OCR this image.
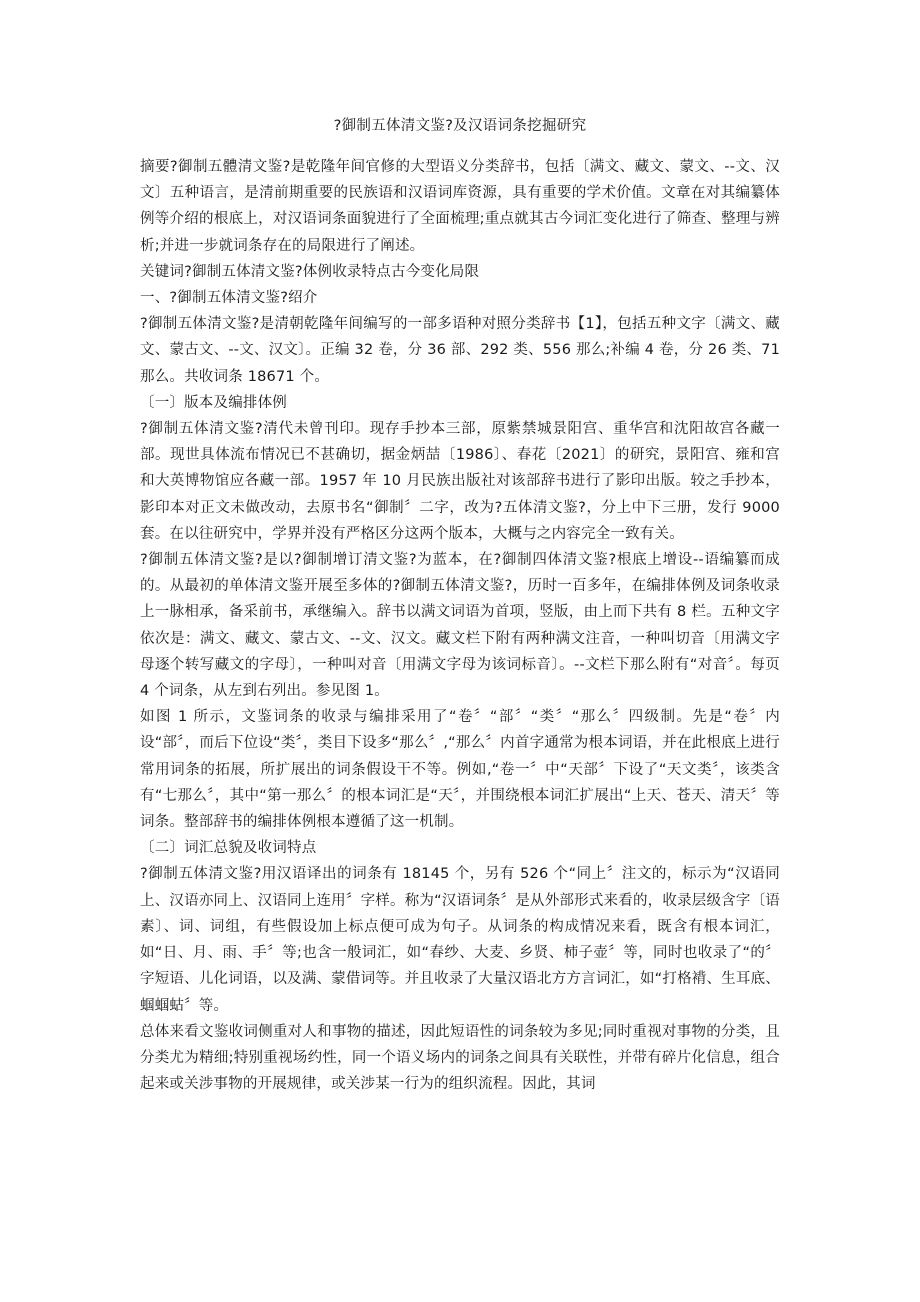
?御制五体清文鉴?及汉语词条挖掘研究

摘要?御制五體清文鉴?是乾隆年间官修的大型语义分类辞书，包括〔满文、藏文、蒙文、--文、汉文〕五种语言，是清前期重要的民族语和汉语词库资源，具有重要的学术价值。文章在对其编纂体例等介绍的根底上，对汉语词条面貌进行了全面梳理;重点就其古今词汇变化进行了筛查、整理与辨析;并进一步就词条存在的局限进行了阐述。

关键词?御制五体清文鉴?体例收录特点古今变化局限

一、?御制五体清文鉴?绍介

?御制五体清文鉴?是清朝乾隆年间编写的一部多语种对照分类辞书【1】，包括五种文字〔满文、藏文、蒙古文、--文、汉文〕。正编 32 卷，分 36 部、292 类、556 那么;补编 4 卷，分 26 类、71 那么。共收词条 18671 个。

〔一〕版本及编排体例

?御制五体清文鉴?清代未曾刊印。现存手抄本三部，原紫禁城景阳宫、重华宫和沈阳故宫各藏一部。现世具体流布情况已不甚确切，据金炳喆〔1986〕、春花〔2021〕的研究，景阳宫、雍和宫和大英博物馆应各藏一部。1957 年 10 月民族出版社对该部辞书进行了影印出版。较之手抄本，影印本对正文未做改动，去原书名“御制〞二字，改为?五体清文鉴?，分上中下三册，发行 9000 套。在以往研究中，学界并没有严格区分这两个版本，大概与之内容完全一致有关。

?御制五体清文鉴?是以?御制增订清文鉴?为蓝本，在?御制四体清文鉴?根底上增设--语编纂而成的。从最初的单体清文鉴开展至多体的?御制五体清文鉴?，历时一百多年，在编排体例及词条收录上一脉相承，备采前书，承继编入。辞书以满文词语为首项，竖版，由上而下共有 8 栏。五种文字依次是：满文、藏文、蒙古文、--文、汉文。藏文栏下附有两种满文注音，一种叫切音〔用满文字母逐个转写藏文的字母〕，一种叫对音〔用满文字母为该词标音〕。--文栏下那么附有“对音〞。每页 4 个词条，从左到右列出。参见图 1。

如图 1 所示，文鉴词条的收录与编排采用了“卷〞“部〞“类〞“那么〞四级制。先是“卷〞内设“部〞，而后下位设“类〞，类目下设多“那么〞,“那么〞内首字通常为根本词语，并在此根底上进行常用词条的拓展，所扩展出的词条假设干不等。例如,“卷一〞中“天部〞下设了“天文类〞，该类含有“七那么〞，其中“第一那么〞的根本词汇是“天〞，并围绕根本词汇扩展出“上天、苍天、清天〞等词条。整部辞书的编排体例根本遵循了这一机制。

〔二〕词汇总貌及收词特点

?御制五体清文鉴?用汉语译出的词条有 18145 个，另有 526 个“同上〞注文的，标示为“汉语同上、汉语亦同上、汉语同上连用〞字样。称为“汉语词条〞是从外部形式来看的，收录层级含字〔语素〕、词、词组，有些假设加上标点便可成为句子。从词条的构成情况来看，既含有根本词汇，如“日、月、雨、手〞等;也含一般词汇，如“春纱、大麦、乡贤、柿子壶〞等，同时也收录了“的〞字短语、儿化词语，以及满、蒙借词等。并且收录了大量汉语北方方言词汇，如“打格褙、生耳底、蝈蝈蛄〞等。

总体来看文鉴收词侧重对人和事物的描述，因此短语性的词条较为多见;同时重视对事物的分类，且分类尤为精细;特别重视场约性，同一个语义场内的词条之间具有关联性，并带有碎片化信息，组合起来或关涉事物的开展规律，或关涉某一行为的组织流程。因此，其词
